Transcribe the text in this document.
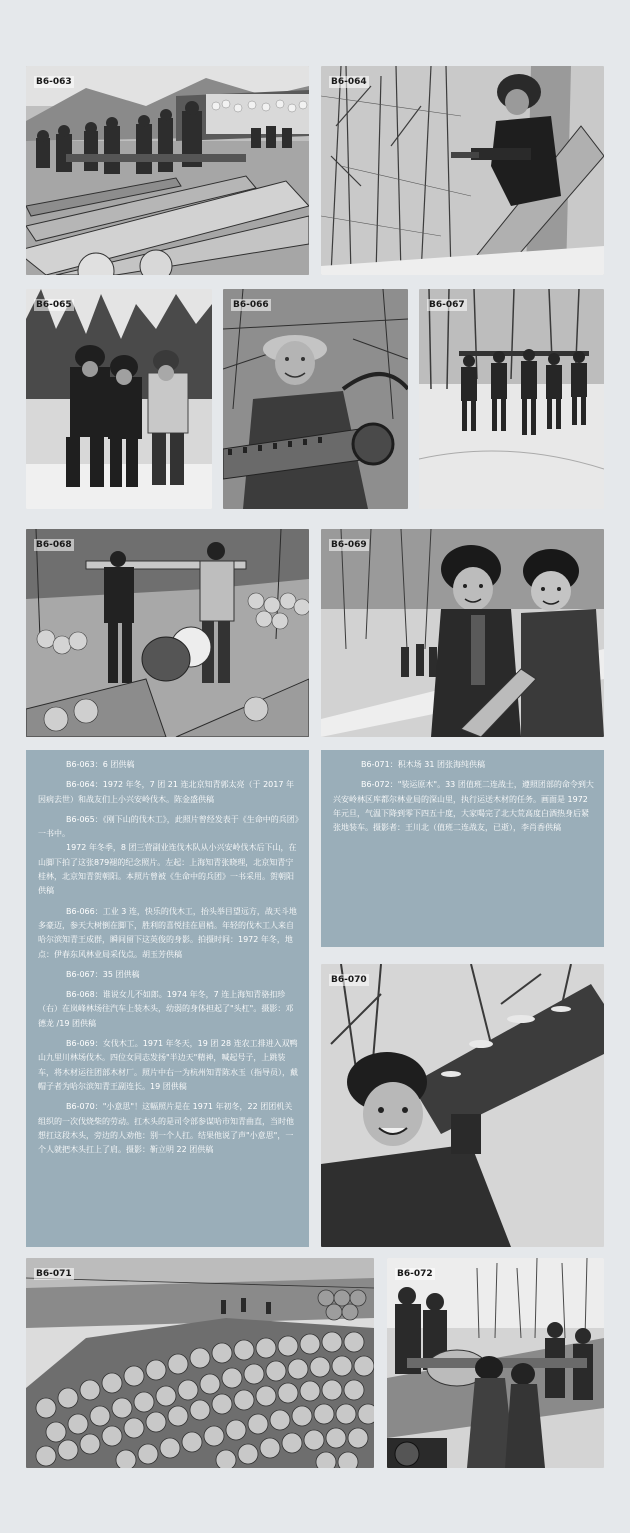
B6-063	B6-064
B6-065	B6-066	B6-067
B6-068	B6-069

B6-063：6 团供稿

B6-064：1972 年冬，7 团 21 连北京知青郭太亮（于 2017 年因病去世）和战友们上小兴安岭伐木。陈金盛供稿

B6-065：《刚下山的伐木工》，此照片曾经发表于《生命中的兵团》一书中。

1972 年冬季，8 团三营副业连伐木队从小兴安岭伐木后下山，在山脚下拍了这张879褪的纪念照片。左起：上海知青张晓理，北京知青宁桂林，北京知青贺朝阳。本照片曾被《生命中的兵团》一书采用。贺朝阳供稿

B6-066：工业 3 连，快乐的伐木工，抬头举目望远方，战天斗地多豪迈，参天大树倒在脚下，胜利的喜悦挂在眉梢。年轻的伐木工人来自哈尔滨知青王成群，瞬间留下这英俊的身影。拍摄时间：1972 年冬，地点：伊春东风林业局采伐点。胡玉芳供稿

B6-067：35 团供稿

B6-068：谁说女儿不如郎。1974 年冬，7 连上海知青骆扣珍（右）在岚峰林场往汽车上装木头，幼弱的身体担起了"头杠"。摄影：邓德龙 /19 团供稿

B6-069：女伐木工。1971 年冬天，19 团 28 连农工排进入双鸭山九里川林场伐木。四位女同志发扬"半边天"精神，喊起号子，上跳装车，将木材运往团部木材厂。照片中右一为杭州知青陈水玉（指导员），戴帽子者为哈尔滨知青王副连长。19 团供稿

B6-070："小意思"！这幅照片是在 1971 年初冬，22 团团机关组织的一次伐烧柴的劳动。扛木头的是司令部参谋哈市知青曲直，当时他想扛这段木头，旁边的人劝他：别一个人扛。结果他说了声"小意思"，一个人就把木头扛上了肩。摄影：靳立明 22 团供稿

B6-071：积木场 31 团张海纯供稿

B6-072："装运原木"。33 团值班二连战士，遵照团部的命令到大兴安岭林区库都尔林业局的深山里，执行运送木材的任务。画面是 1972 年元旦，气温下降到零下四五十度，大家喝完了北大荒高度白酒热身后紧张地装车。摄影者：王川北（值班二连战友，已逝），李肖香供稿

B6-070
B6-071	B6-072
